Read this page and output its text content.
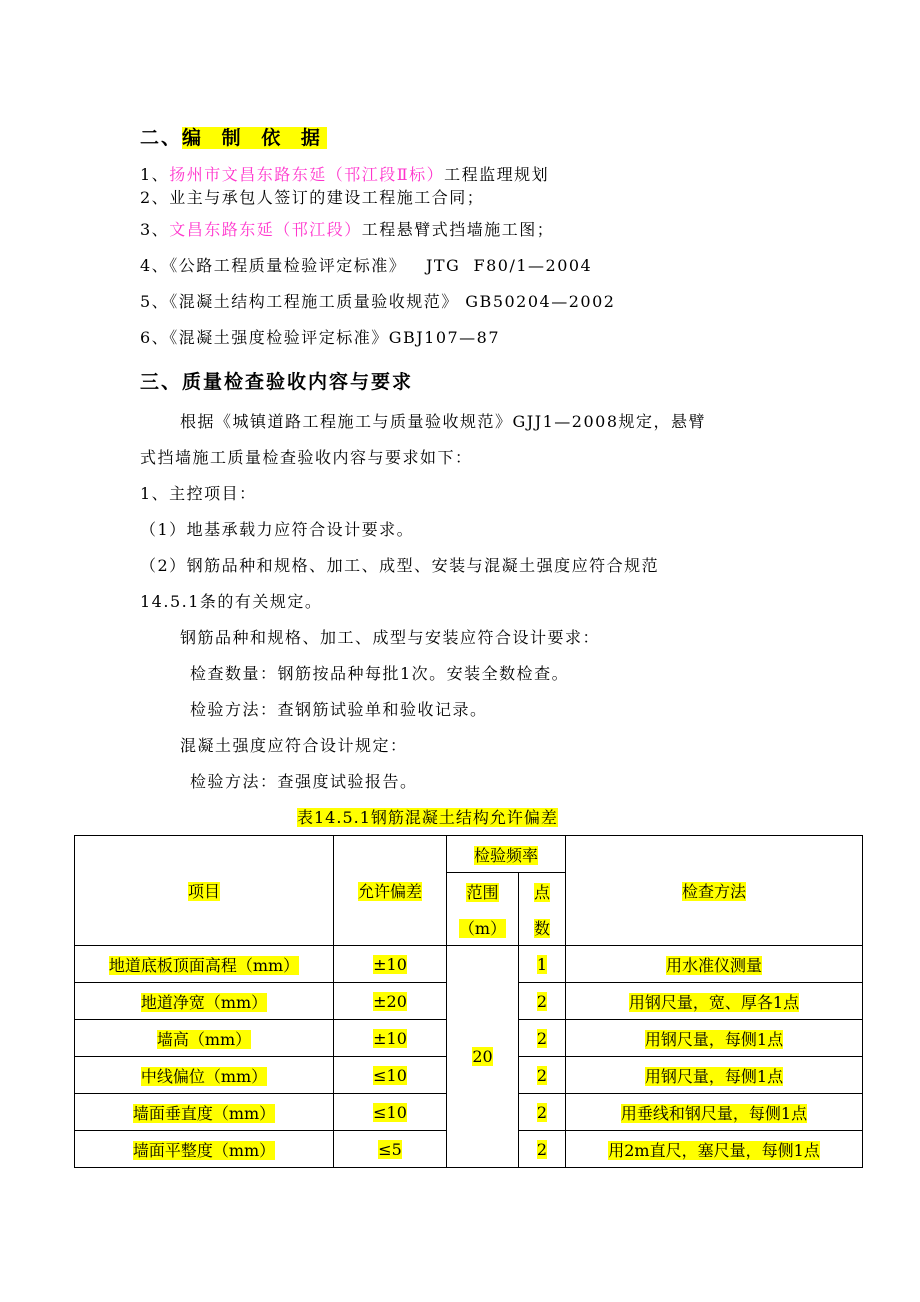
二、编 制 依 据
1、扬州市文昌东路东延（邗江段Ⅱ标）工程监理规划
2、业主与承包人签订的建设工程施工合同；
3、文昌东路东延（邗江段）工程悬臂式挡墙施工图；
4、《公路工程质量检验评定标准》   JTG  F80/1—2004
5、《混凝土结构工程施工质量验收规范》 GB50204—2002
6、《混凝土强度检验评定标准》GBJ107—87
三、质量检查验收内容与要求
根据《城镇道路工程施工与质量验收规范》GJJ1—2008规定，悬臂
式挡墙施工质量检查验收内容与要求如下：
1、主控项目：
（1）地基承载力应符合设计要求。
（2）钢筋品种和规格、加工、成型、安装与混凝土强度应符合规范
14.5.1条的有关规定。
钢筋品种和规格、加工、成型与安装应符合设计要求：
检查数量：钢筋按品种每批1次。安装全数检查。
检验方法：查钢筋试验单和验收记录。
混凝土强度应符合设计规定：
检验方法：查强度试验报告。
表14.5.1钢筋混凝土结构允许偏差
项目	允许偏差	检验频率		检查方法
		范围	点	
		（m）	数	
地道底板顶面高程（mm）	±10	20	1	用水准仪测量
地道净宽（mm）	±20		2	用钢尺量，宽、厚各1点
墙高（mm）	±10		2	用钢尺量，每侧1点
中线偏位（mm）	≤10		2	用钢尺量，每侧1点
墙面垂直度（mm）	≤10		2	用垂线和钢尺量，每侧1点
墙面平整度（mm）	≤5		2	用2m直尺，塞尺量，每侧1点
